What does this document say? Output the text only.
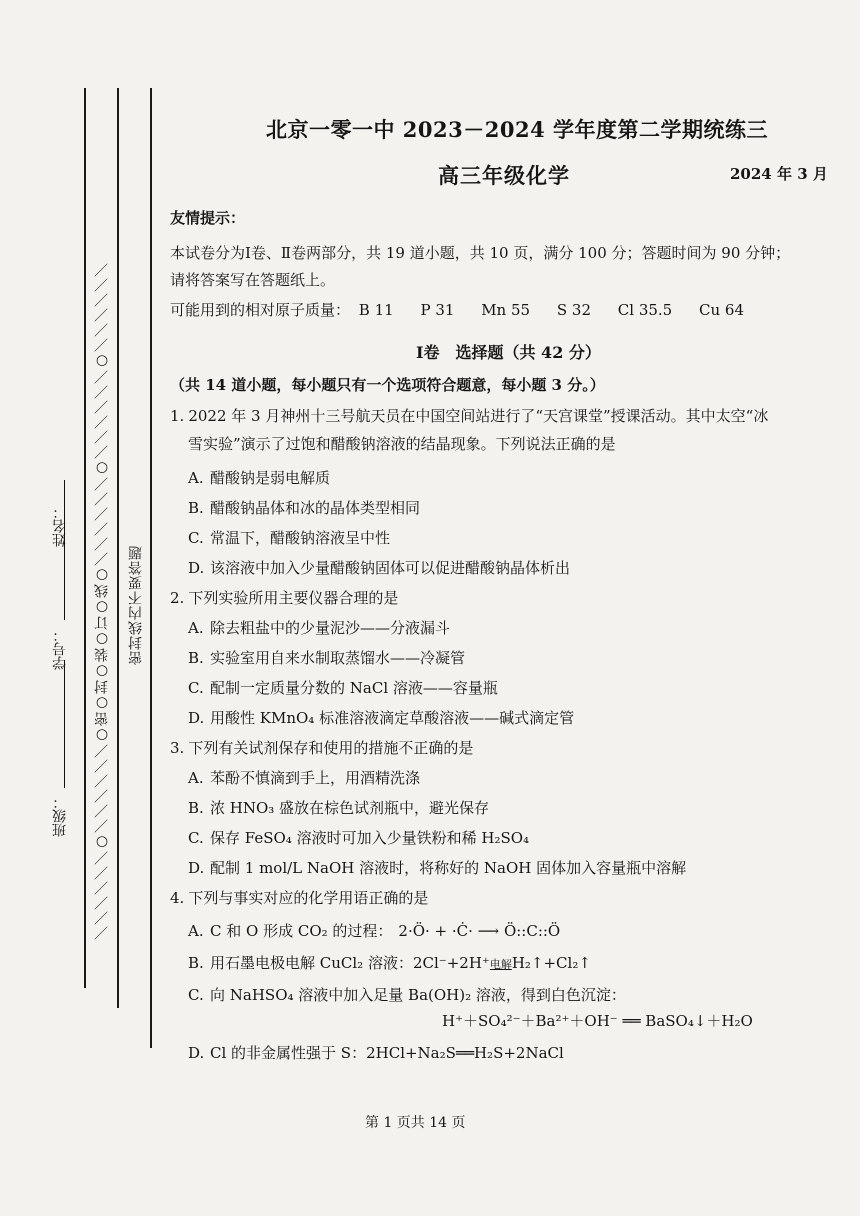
班级：
学号：
姓名： ／／／／／／○／／／／／／○密○封○装○订○线○／／／／／／○／／／／／／○／／／／／／ 密封线内不要答题
北京一零一中 2023－2024 学年度第二学期统练三
高三年级化学	2024 年 3 月
友情提示：
本试卷分为Ⅰ卷、Ⅱ卷两部分，共 19 道小题，共 10 页，满分 100 分；答题时间为 90 分钟；
请将答案写在答题纸上。
可能用到的相对原子质量： B 11 P 31 Mn 55 S 32 Cl 35.5 Cu 64
Ⅰ卷　选择题（共 42 分）
（共 14 道小题，每小题只有一个选项符合题意，每小题 3 分。）
1. 2022 年 3 月神州十三号航天员在中国空间站进行了“天宫课堂”授课活动。其中太空“冰
雪实验”演示了过饱和醋酸钠溶液的结晶现象。下列说法正确的是
A. 醋酸钠是弱电解质
B. 醋酸钠晶体和冰的晶体类型相同
C. 常温下，醋酸钠溶液呈中性
D. 该溶液中加入少量醋酸钠固体可以促进醋酸钠晶体析出
2. 下列实验所用主要仪器合理的是
A. 除去粗盐中的少量泥沙——分液漏斗
B. 实验室用自来水制取蒸馏水——冷凝管
C. 配制一定质量分数的 NaCl 溶液——容量瓶
D. 用酸性 KMnO₄ 标准溶液滴定草酸溶液——碱式滴定管
3. 下列有关试剂保存和使用的措施不正确的是
A. 苯酚不慎滴到手上，用酒精洗涤
B. 浓 HNO₃ 盛放在棕色试剂瓶中，避光保存
C. 保存 FeSO₄ 溶液时可加入少量铁粉和稀 H₂SO₄
D. 配制 1 mol/L NaOH 溶液时，将称好的 NaOH 固体加入容量瓶中溶解
4. 下列与事实对应的化学用语正确的是
A. C 和 O 形成 CO₂ 的过程： 2·Ö· + ·Ċ· ⟶ Ö::C::Ö
B. 用石墨电极电解 CuCl₂ 溶液：2Cl⁻+2H⁺电解H₂↑+Cl₂↑
C. 向 NaHSO₄ 溶液中加入足量 Ba(OH)₂ 溶液，得到白色沉淀：
H⁺＋SO₄²⁻＋Ba²⁺＋OH⁻ ══ BaSO₄↓＋H₂O
D. Cl 的非金属性强于 S：2HCl+Na₂S══H₂S+2NaCl
第 1 页共 14 页
